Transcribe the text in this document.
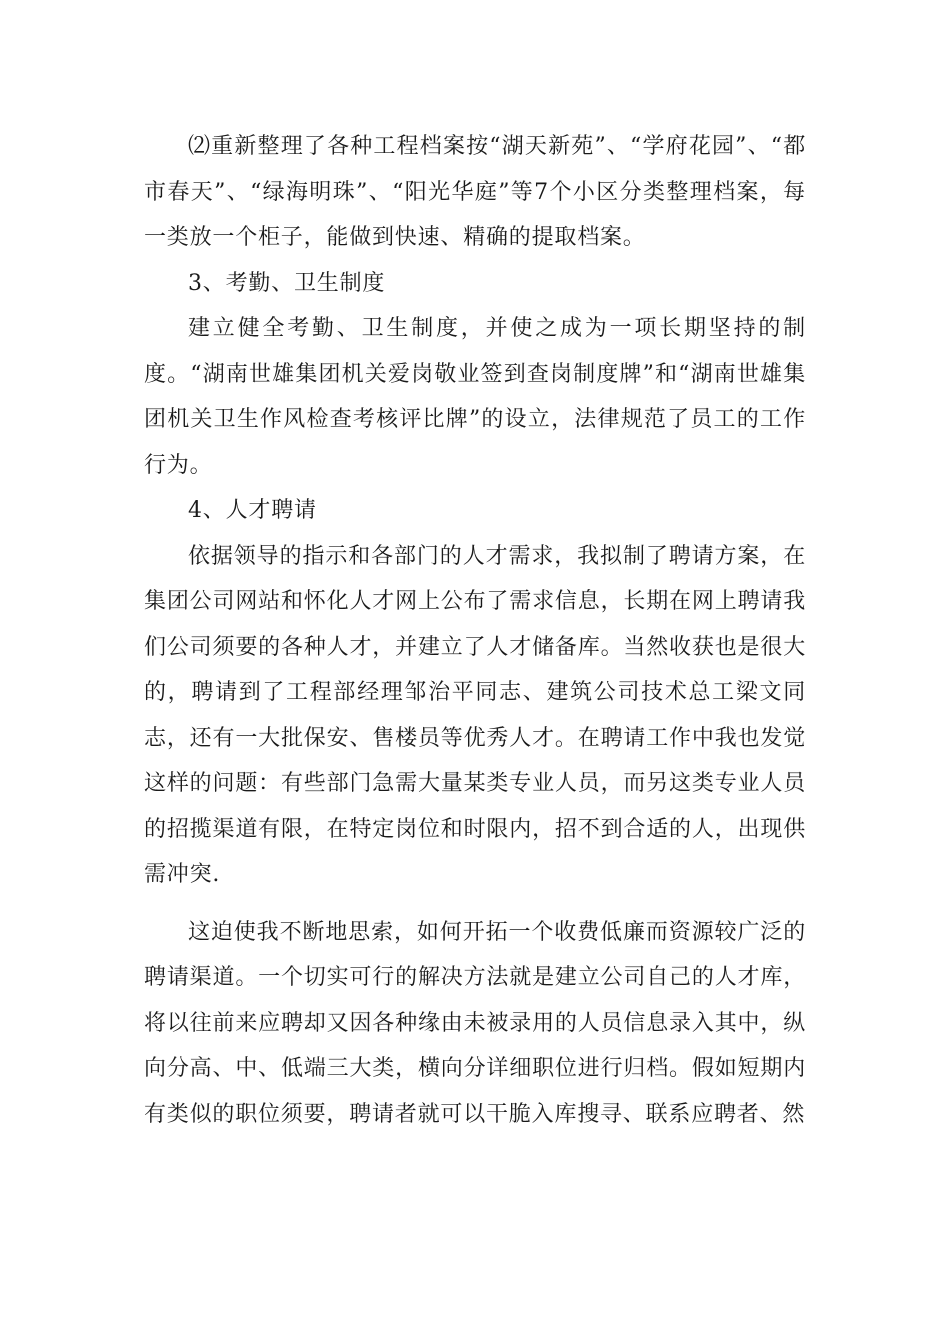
⑵重新整理了各种工程档案按“湖天新苑”、“学府花园”、“都市春天”、“绿海明珠”、“阳光华庭”等7个小区分类整理档案，每一类放一个柜子，能做到快速、精确的提取档案。

3、考勤、卫生制度

建立健全考勤、卫生制度，并使之成为一项长期坚持的制度。“湖南世雄集团机关爱岗敬业签到查岗制度牌”和“湖南世雄集团机关卫生作风检查考核评比牌”的设立，法律规范了员工的工作行为。

4、人才聘请

依据领导的指示和各部门的人才需求，我拟制了聘请方案，在集团公司网站和怀化人才网上公布了需求信息，长期在网上聘请我们公司须要的各种人才，并建立了人才储备库。当然收获也是很大的，聘请到了工程部经理邹治平同志、建筑公司技术总工梁文同志，还有一大批保安、售楼员等优秀人才。在聘请工作中我也发觉这样的问题：有些部门急需大量某类专业人员，而另这类专业人员的招揽渠道有限，在特定岗位和时限内，招不到合适的人，出现供需冲突.

这迫使我不断地思索，如何开拓一个收费低廉而资源较广泛的聘请渠道。一个切实可行的解决方法就是建立公司自己的人才库，将以往前来应聘却又因各种缘由未被录用的人员信息录入其中，纵向分高、中、低端三大类，横向分详细职位进行归档。假如短期内有类似的职位须要，聘请者就可以干脆入库搜寻、联系应聘者、然
